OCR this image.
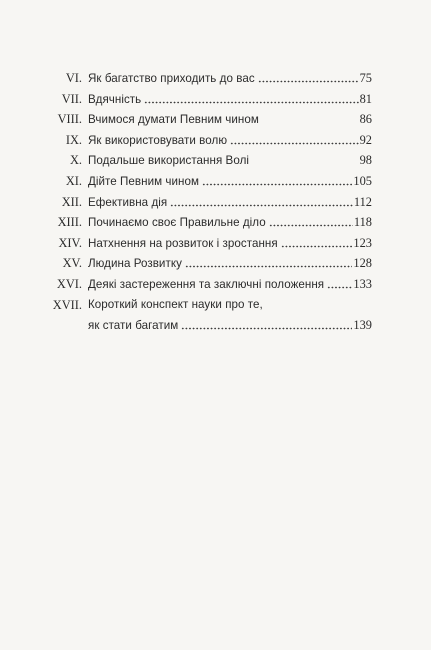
VI. Як багатство приходить до вас	75
VII. Вдячність	81
VIII. Вчимося думати Певним чином	86
IX. Як використовувати волю	92
X. Подальше використання Волі	98
XI. Дійте Певним чином	105
XII. Ефективна дія	112
XIII. Починаємо своє Правильне діло	118
XIV. Натхнення на розвиток і зростання	123
XV. Людина Розвитку	128
XVI. Деякі застереження та заключні положення 133
XVII. Короткий конспект науки про те,
як стати багатим	139
